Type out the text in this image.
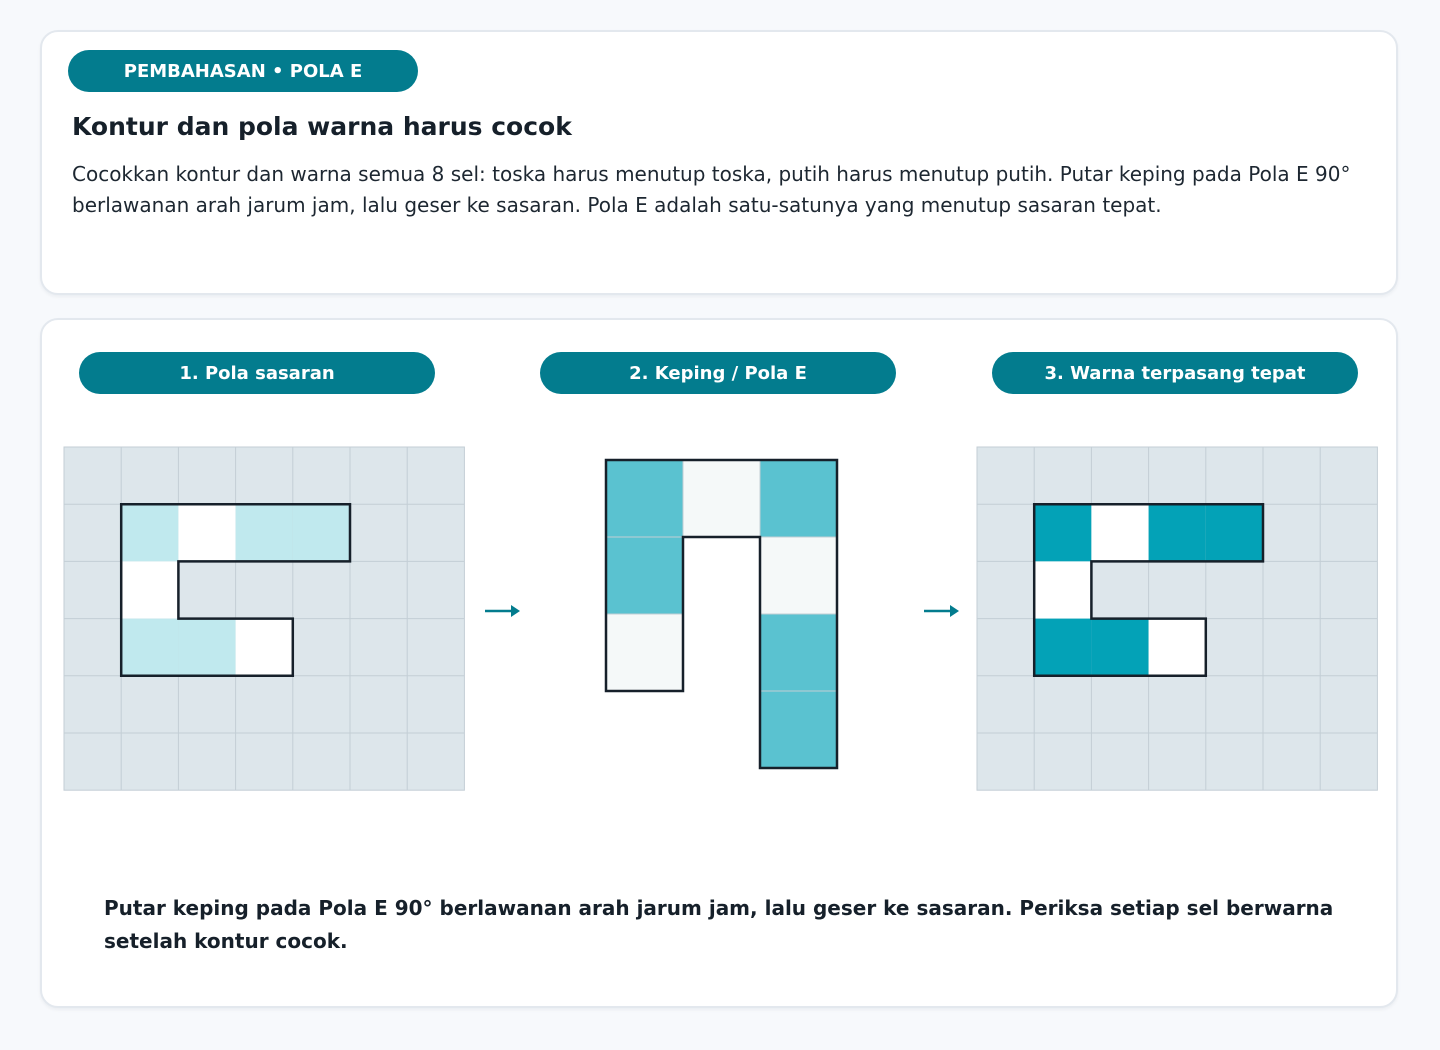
PEMBAHASAN • POLA E
Kontur dan pola warna harus cocok

Cocokkan kontur dan warna semua 8 sel: toska harus menutup toska, putih harus menutup putih. Putar keping pada Pola E 90° berlawanan arah jarum jam, lalu geser ke sasaran. Pola E adalah satu-satunya yang menutup sasaran tepat.

1. Pola sasaran	2. Keping / Pola E	3. Warna terpasang tepat

Putar keping pada Pola E 90° berlawanan arah jarum jam, lalu geser ke sasaran. Periksa setiap sel berwarna setelah kontur cocok.
